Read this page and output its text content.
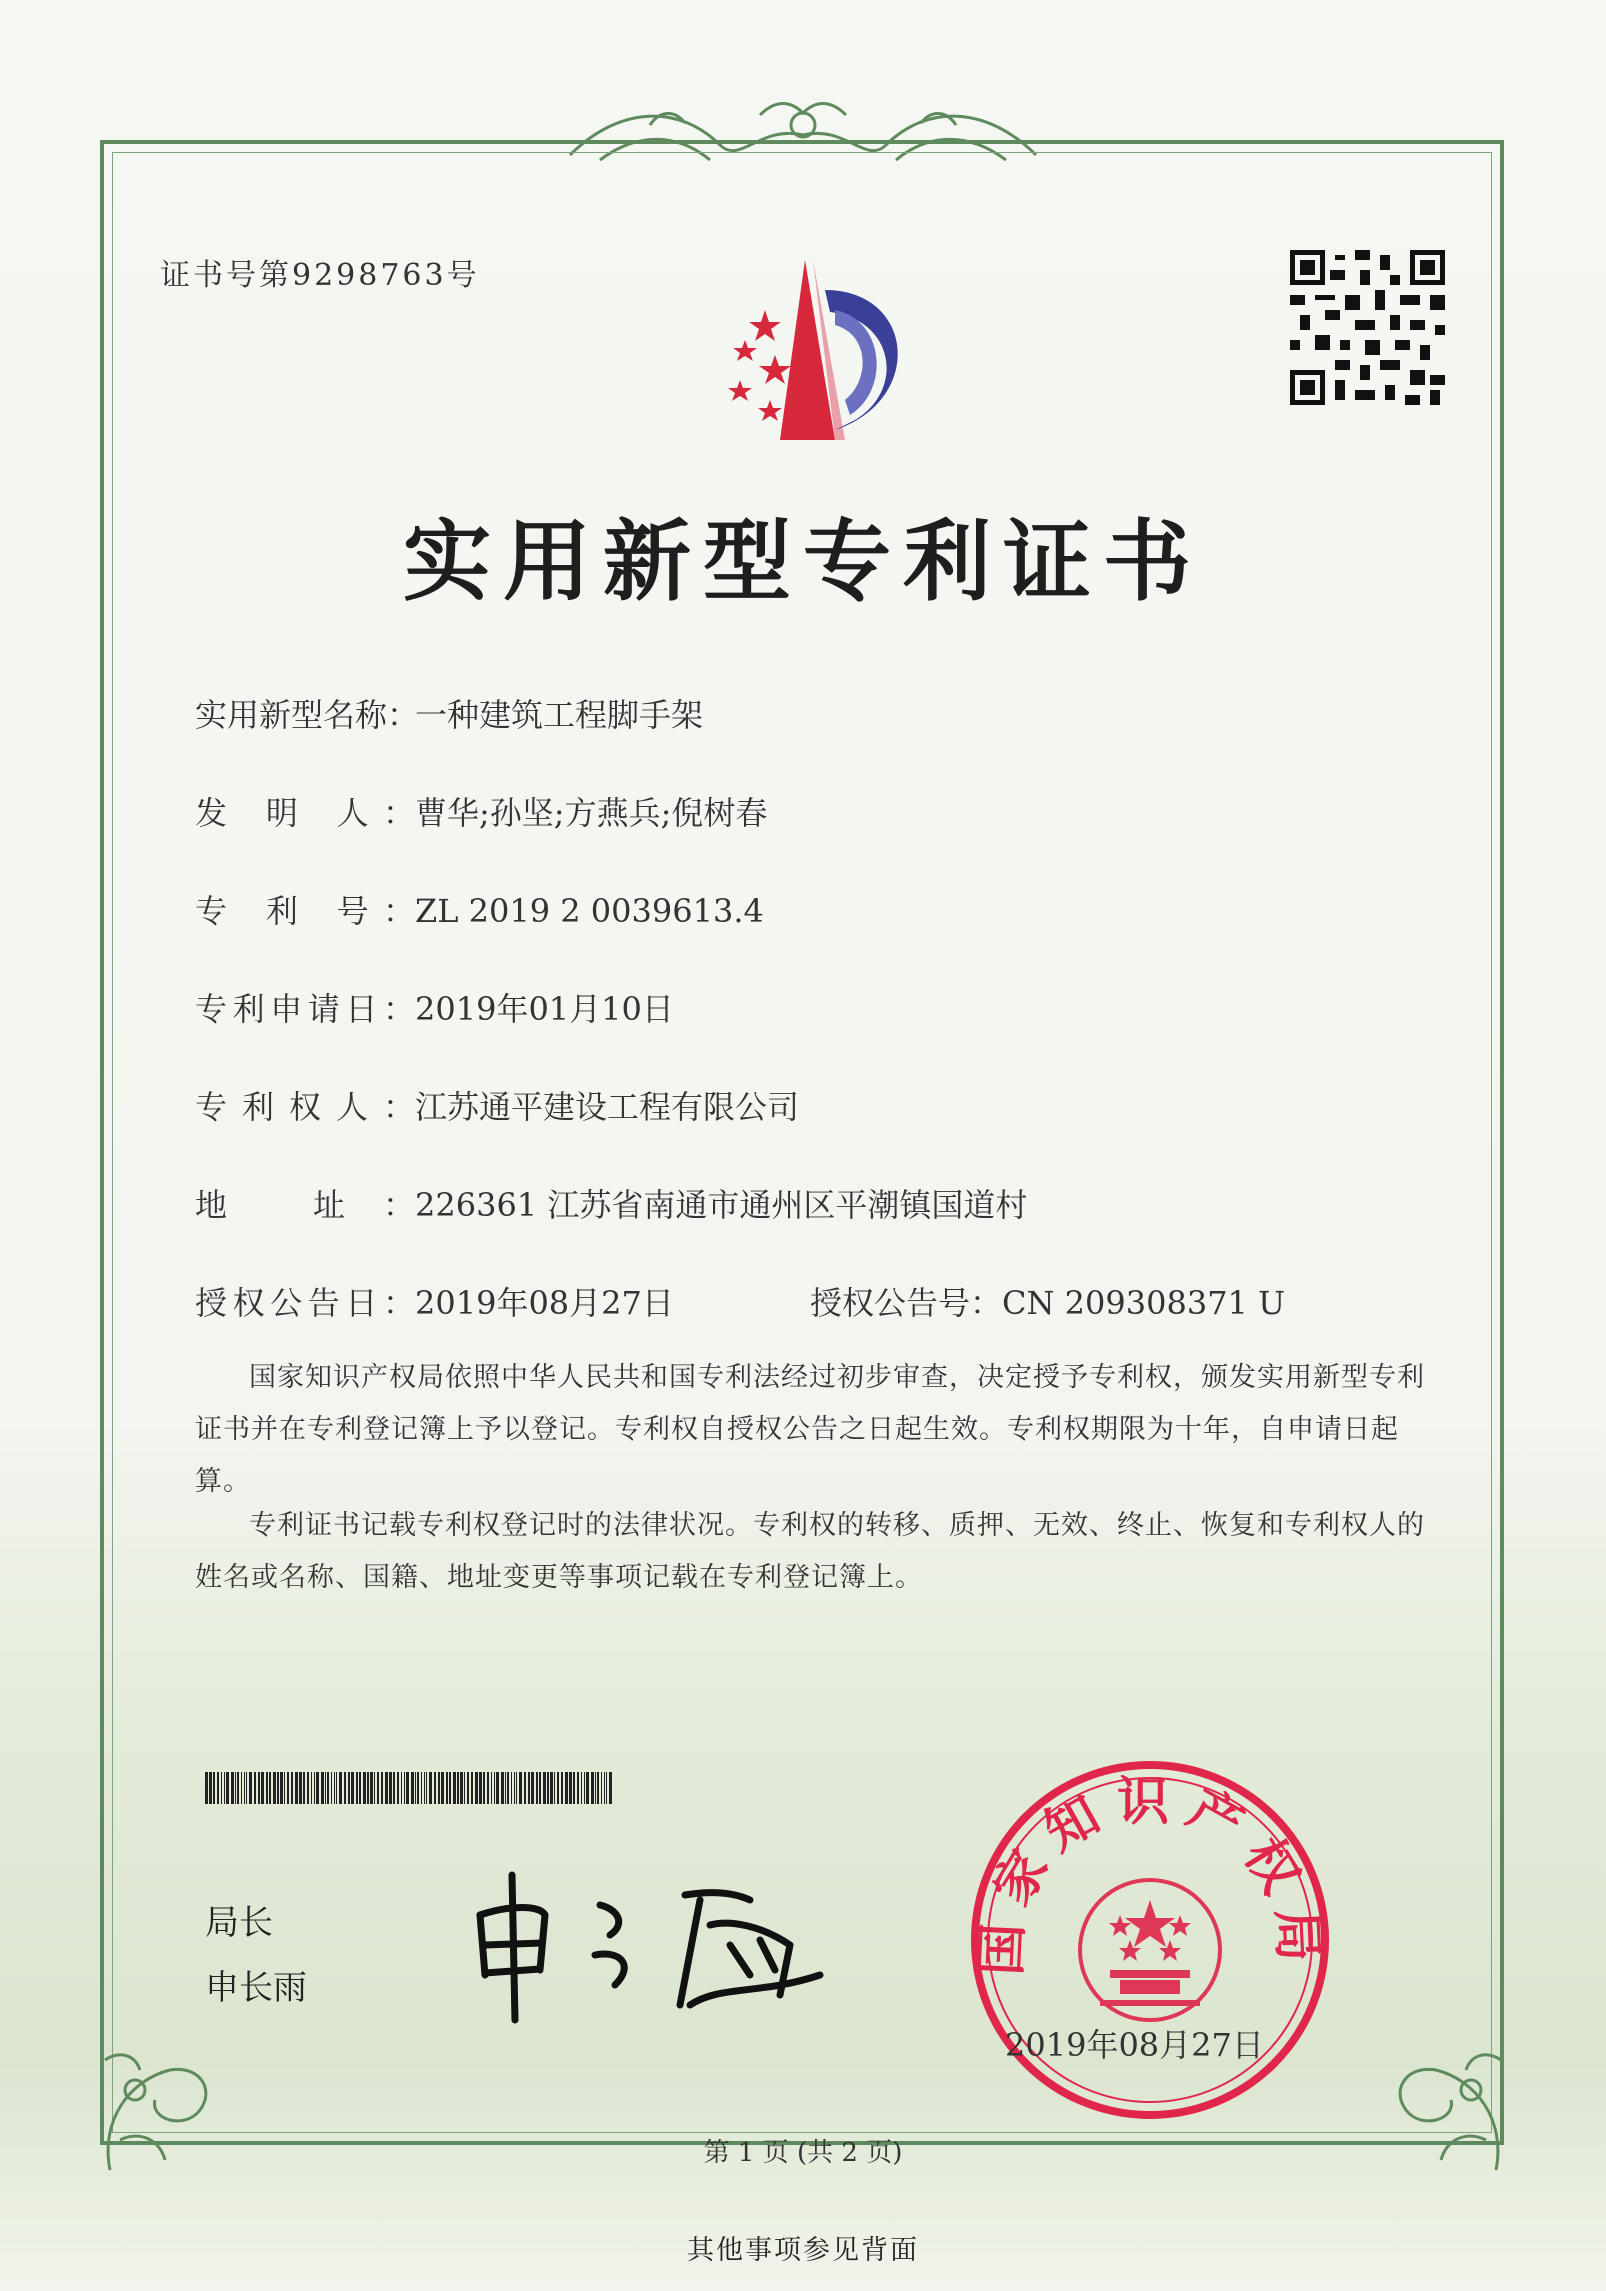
证书号第9298763号
实用新型专利证书
实用新型名称：一种建筑工程脚手架
发 明 人：曹华;孙坚;方燕兵;倪树春
专 利 号：ZL 2019 2 0039613.4
专利申请日：2019年01月10日
专利权人：江苏通平建设工程有限公司
地 址：226361 江苏省南通市通州区平潮镇国道村
授权公告日：2019年08月27日	授权公告号：CN 209308371 U
国家知识产权局依照中华人民共和国专利法经过初步审查，决定授予专利权，颁发实用新型专利证书并在专利登记簿上予以登记。专利权自授权公告之日起生效。专利权期限为十年，自申请日起算。
专利证书记载专利权登记时的法律状况。专利权的转移、质押、无效、终止、恢复和专利权人的姓名或名称、国籍、地址变更等事项记载在专利登记簿上。
局长
申长雨
国家知识产权局
2019年08月27日
第 1 页 (共 2 页)
其他事项参见背面
